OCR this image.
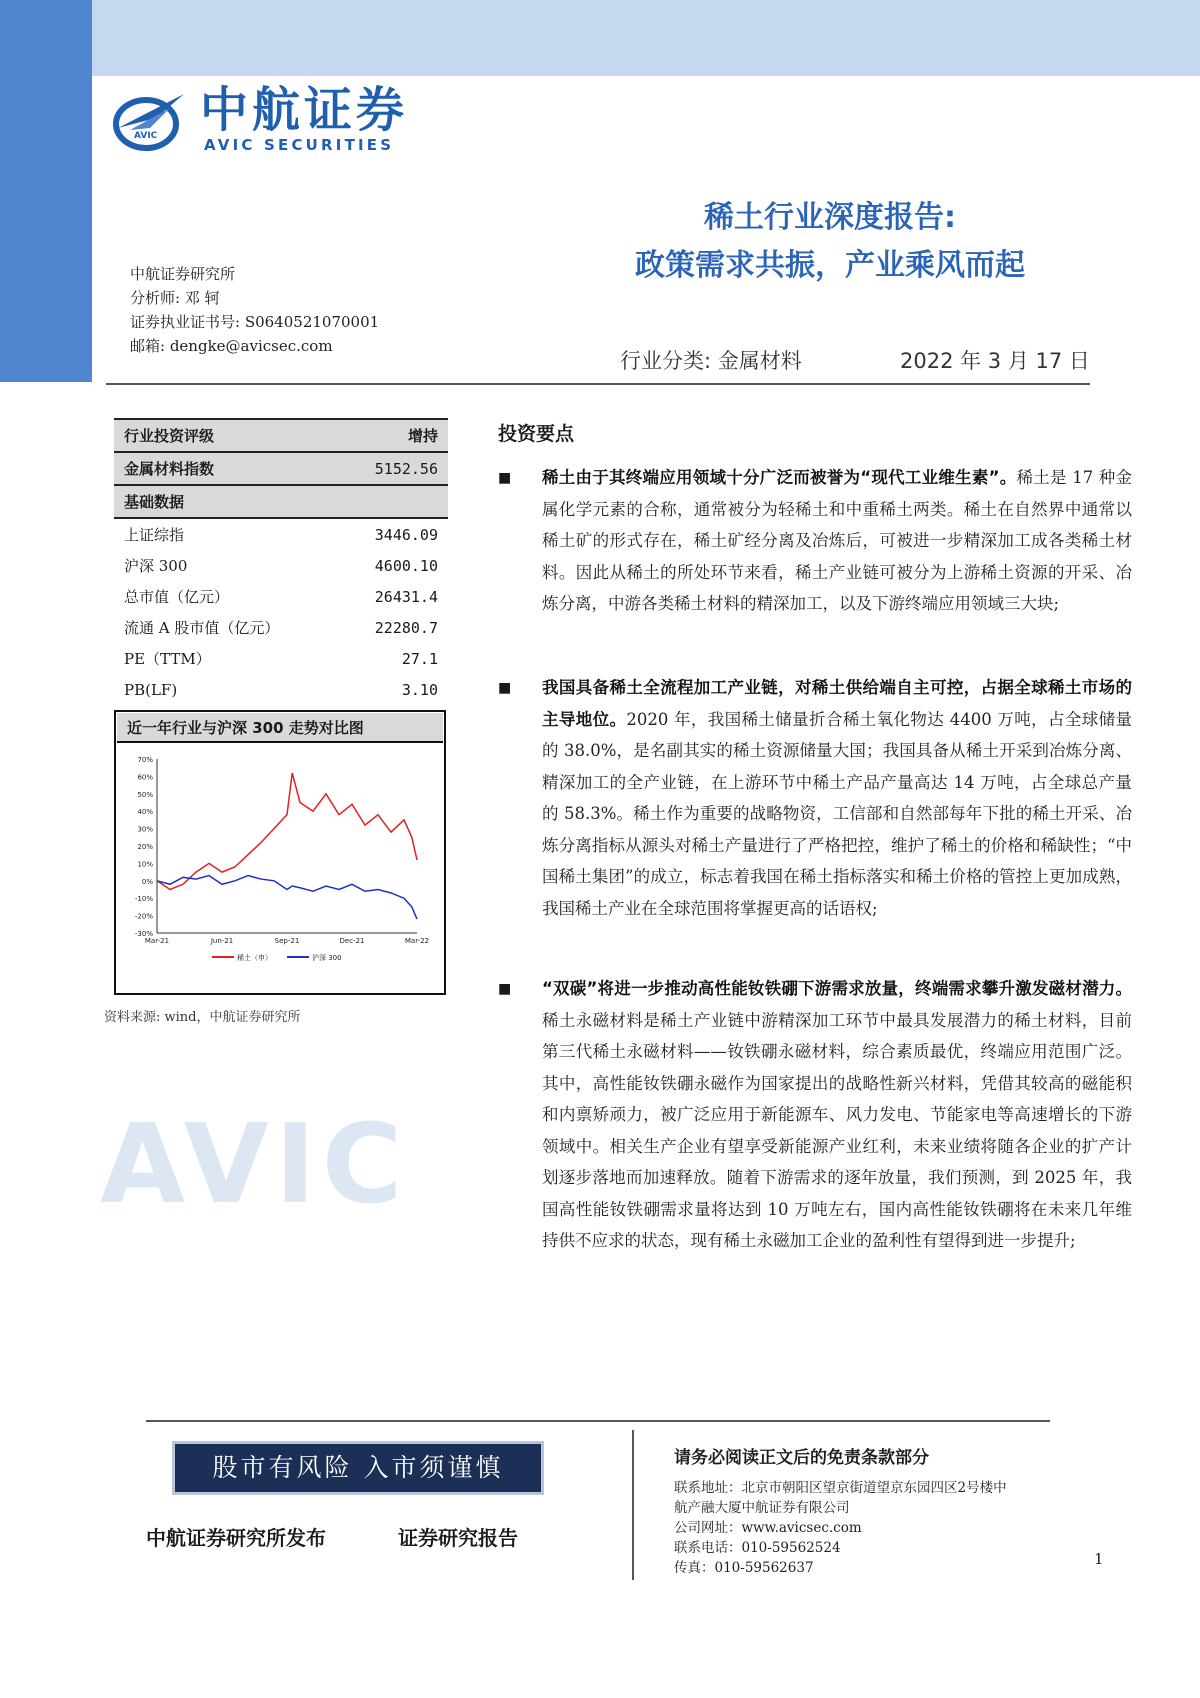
AVIC
AVIC 中航证券
AVIC SECURITIES
稀土行业深度报告:
政策需求共振，产业乘风而起
中航证券研究所
分析师: 邓 轲
证券执业证书号: S0640521070001
邮箱: dengke@avicsec.com
行业分类: 金属材料	2022 年 3 月 17 日
行业投资评级	增持
金属材料指数	5152.56
基础数据	
上证综指	3446.09
沪深 300	4600.10
总市值（亿元）	26431.4
流通 A 股市值（亿元）	22280.7
PE（TTM）	27.1
PB(LF)	3.10
近一年行业与沪深 300 走势对比图
70%
60%
50%
40%
30%
20%
10%
0%
-10%
-20%
-30%
Mar-21	Jun-21	Sep-21	Dec-21	Mar-22
稀土（申）	沪深 300
资料来源: wind，中航证券研究所
投资要点
■ 稀土由于其终端应用领域十分广泛而被誉为“现代工业维生素”。稀土是 17 种金属化学元素的合称，通常被分为轻稀土和中重稀土两类。稀土在自然界中通常以稀土矿的形式存在，稀土矿经分离及冶炼后，可被进一步精深加工成各类稀土材料。因此从稀土的所处环节来看，稀土产业链可被分为上游稀土资源的开采、冶炼分离，中游各类稀土材料的精深加工，以及下游终端应用领域三大块;
■ 我国具备稀土全流程加工产业链，对稀土供给端自主可控，占据全球稀土市场的主导地位。2020 年，我国稀土储量折合稀土氧化物达 4400 万吨，占全球储量的 38.0%，是名副其实的稀土资源储量大国；我国具备从稀土开采到冶炼分离、精深加工的全产业链，在上游环节中稀土产品产量高达 14 万吨，占全球总产量的 58.3%。稀土作为重要的战略物资，工信部和自然部每年下批的稀土开采、冶炼分离指标从源头对稀土产量进行了严格把控，维护了稀土的价格和稀缺性；“中国稀土集团”的成立，标志着我国在稀土指标落实和稀土价格的管控上更加成熟，我国稀土产业在全球范围将掌握更高的话语权;
■ “双碳”将进一步推动高性能钕铁硼下游需求放量，终端需求攀升激发磁材潜力。稀土永磁材料是稀土产业链中游精深加工环节中最具发展潜力的稀土材料，目前第三代稀土永磁材料——钕铁硼永磁材料，综合素质最优，终端应用范围广泛。其中，高性能钕铁硼永磁作为国家提出的战略性新兴材料，凭借其较高的磁能积和内禀矫顽力，被广泛应用于新能源车、风力发电、节能家电等高速增长的下游领域中。相关生产企业有望享受新能源产业红利，未来业绩将随各企业的扩产计划逐步落地而加速释放。随着下游需求的逐年放量，我们预测，到 2025 年，我国高性能钕铁硼需求量将达到 10 万吨左右，国内高性能钕铁硼将在未来几年维持供不应求的状态，现有稀土永磁加工企业的盈利性有望得到进一步提升;
股市有风险 入市须谨慎
中航证券研究所发布	证券研究报告
请务必阅读正文后的免责条款部分
联系地址：北京市朝阳区望京街道望京东园四区2号楼中
航产融大厦中航证券有限公司
公司网址：www.avicsec.com
联系电话：010-59562524
传真：010-59562637	1
